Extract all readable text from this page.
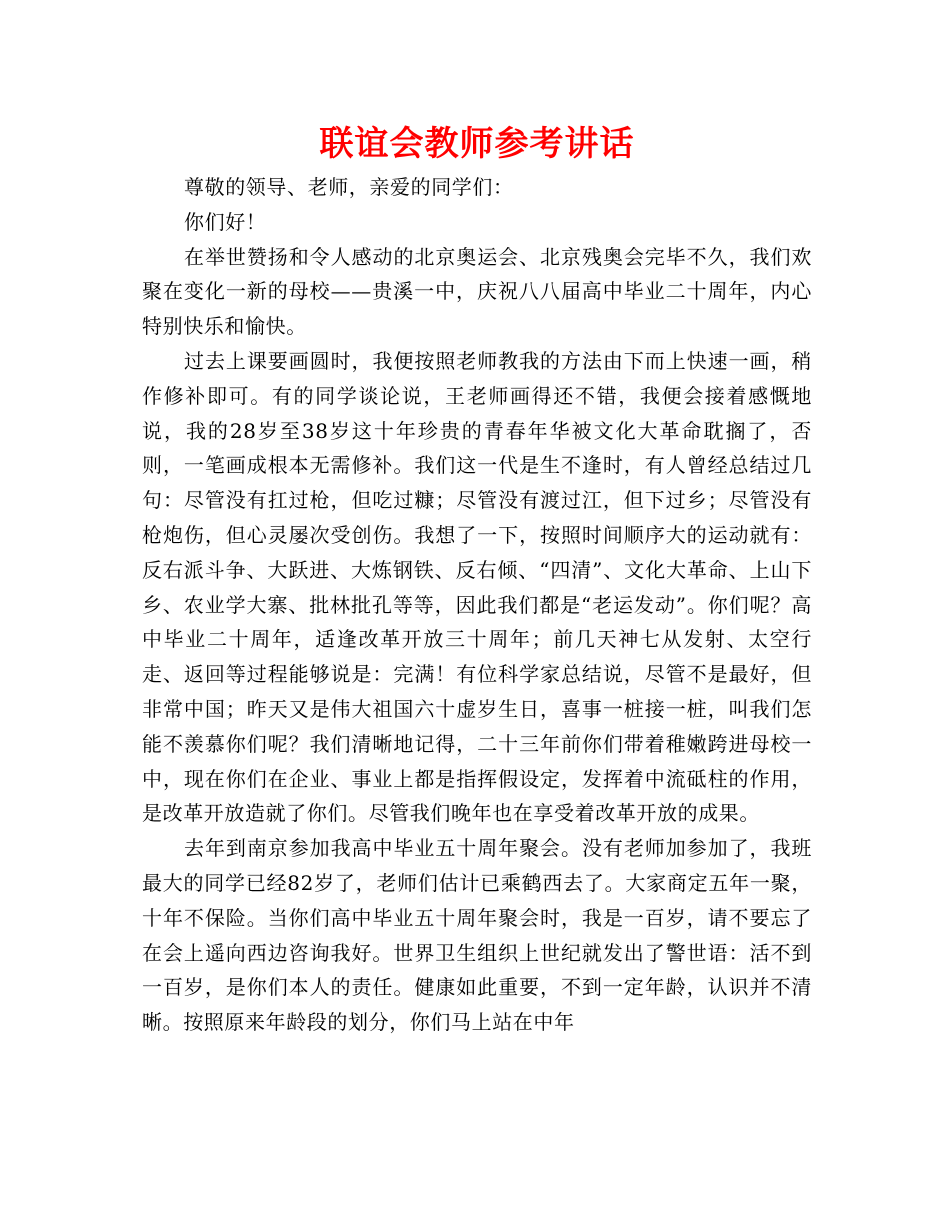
联谊会教师参考讲话

尊敬的领导、老师，亲爱的同学们：

你们好！

在举世赞扬和令人感动的北京奥运会、北京残奥会完毕不久，我们欢聚在变化一新的母校——贵溪一中，庆祝八八届高中毕业二十周年，内心特别快乐和愉快。

过去上课要画圆时，我便按照老师教我的方法由下而上快速一画，稍作修补即可。有的同学谈论说，王老师画得还不错，我便会接着感慨地说，我的28岁至38岁这十年珍贵的青春年华被文化大革命耽搁了，否则，一笔画成根本无需修补。我们这一代是生不逢时，有人曾经总结过几句：尽管没有扛过枪，但吃过糠；尽管没有渡过江，但下过乡；尽管没有枪炮伤，但心灵屡次受创伤。我想了一下，按照时间顺序大的运动就有：反右派斗争、大跃进、大炼钢铁、反右倾、“四清”、文化大革命、上山下乡、农业学大寨、批林批孔等等，因此我们都是“老运发动”。你们呢？高中毕业二十周年，适逢改革开放三十周年；前几天神七从发射、太空行走、返回等过程能够说是：完满！有位科学家总结说，尽管不是最好，但非常中国；昨天又是伟大祖国六十虚岁生日，喜事一桩接一桩，叫我们怎能不羡慕你们呢？我们清晰地记得，二十三年前你们带着稚嫩跨进母校一中，现在你们在企业、事业上都是指挥假设定，发挥着中流砥柱的作用，是改革开放造就了你们。尽管我们晚年也在享受着改革开放的成果。

去年到南京参加我高中毕业五十周年聚会。没有老师加参加了，我班最大的同学已经82岁了，老师们估计已乘鹤西去了。大家商定五年一聚，十年不保险。当你们高中毕业五十周年聚会时，我是一百岁，请不要忘了在会上遥向西边咨询我好。世界卫生组织上世纪就发出了警世语：活不到一百岁，是你们本人的责任。健康如此重要，不到一定年龄，认识并不清晰。按照原来年龄段的划分，你们马上站在中年
